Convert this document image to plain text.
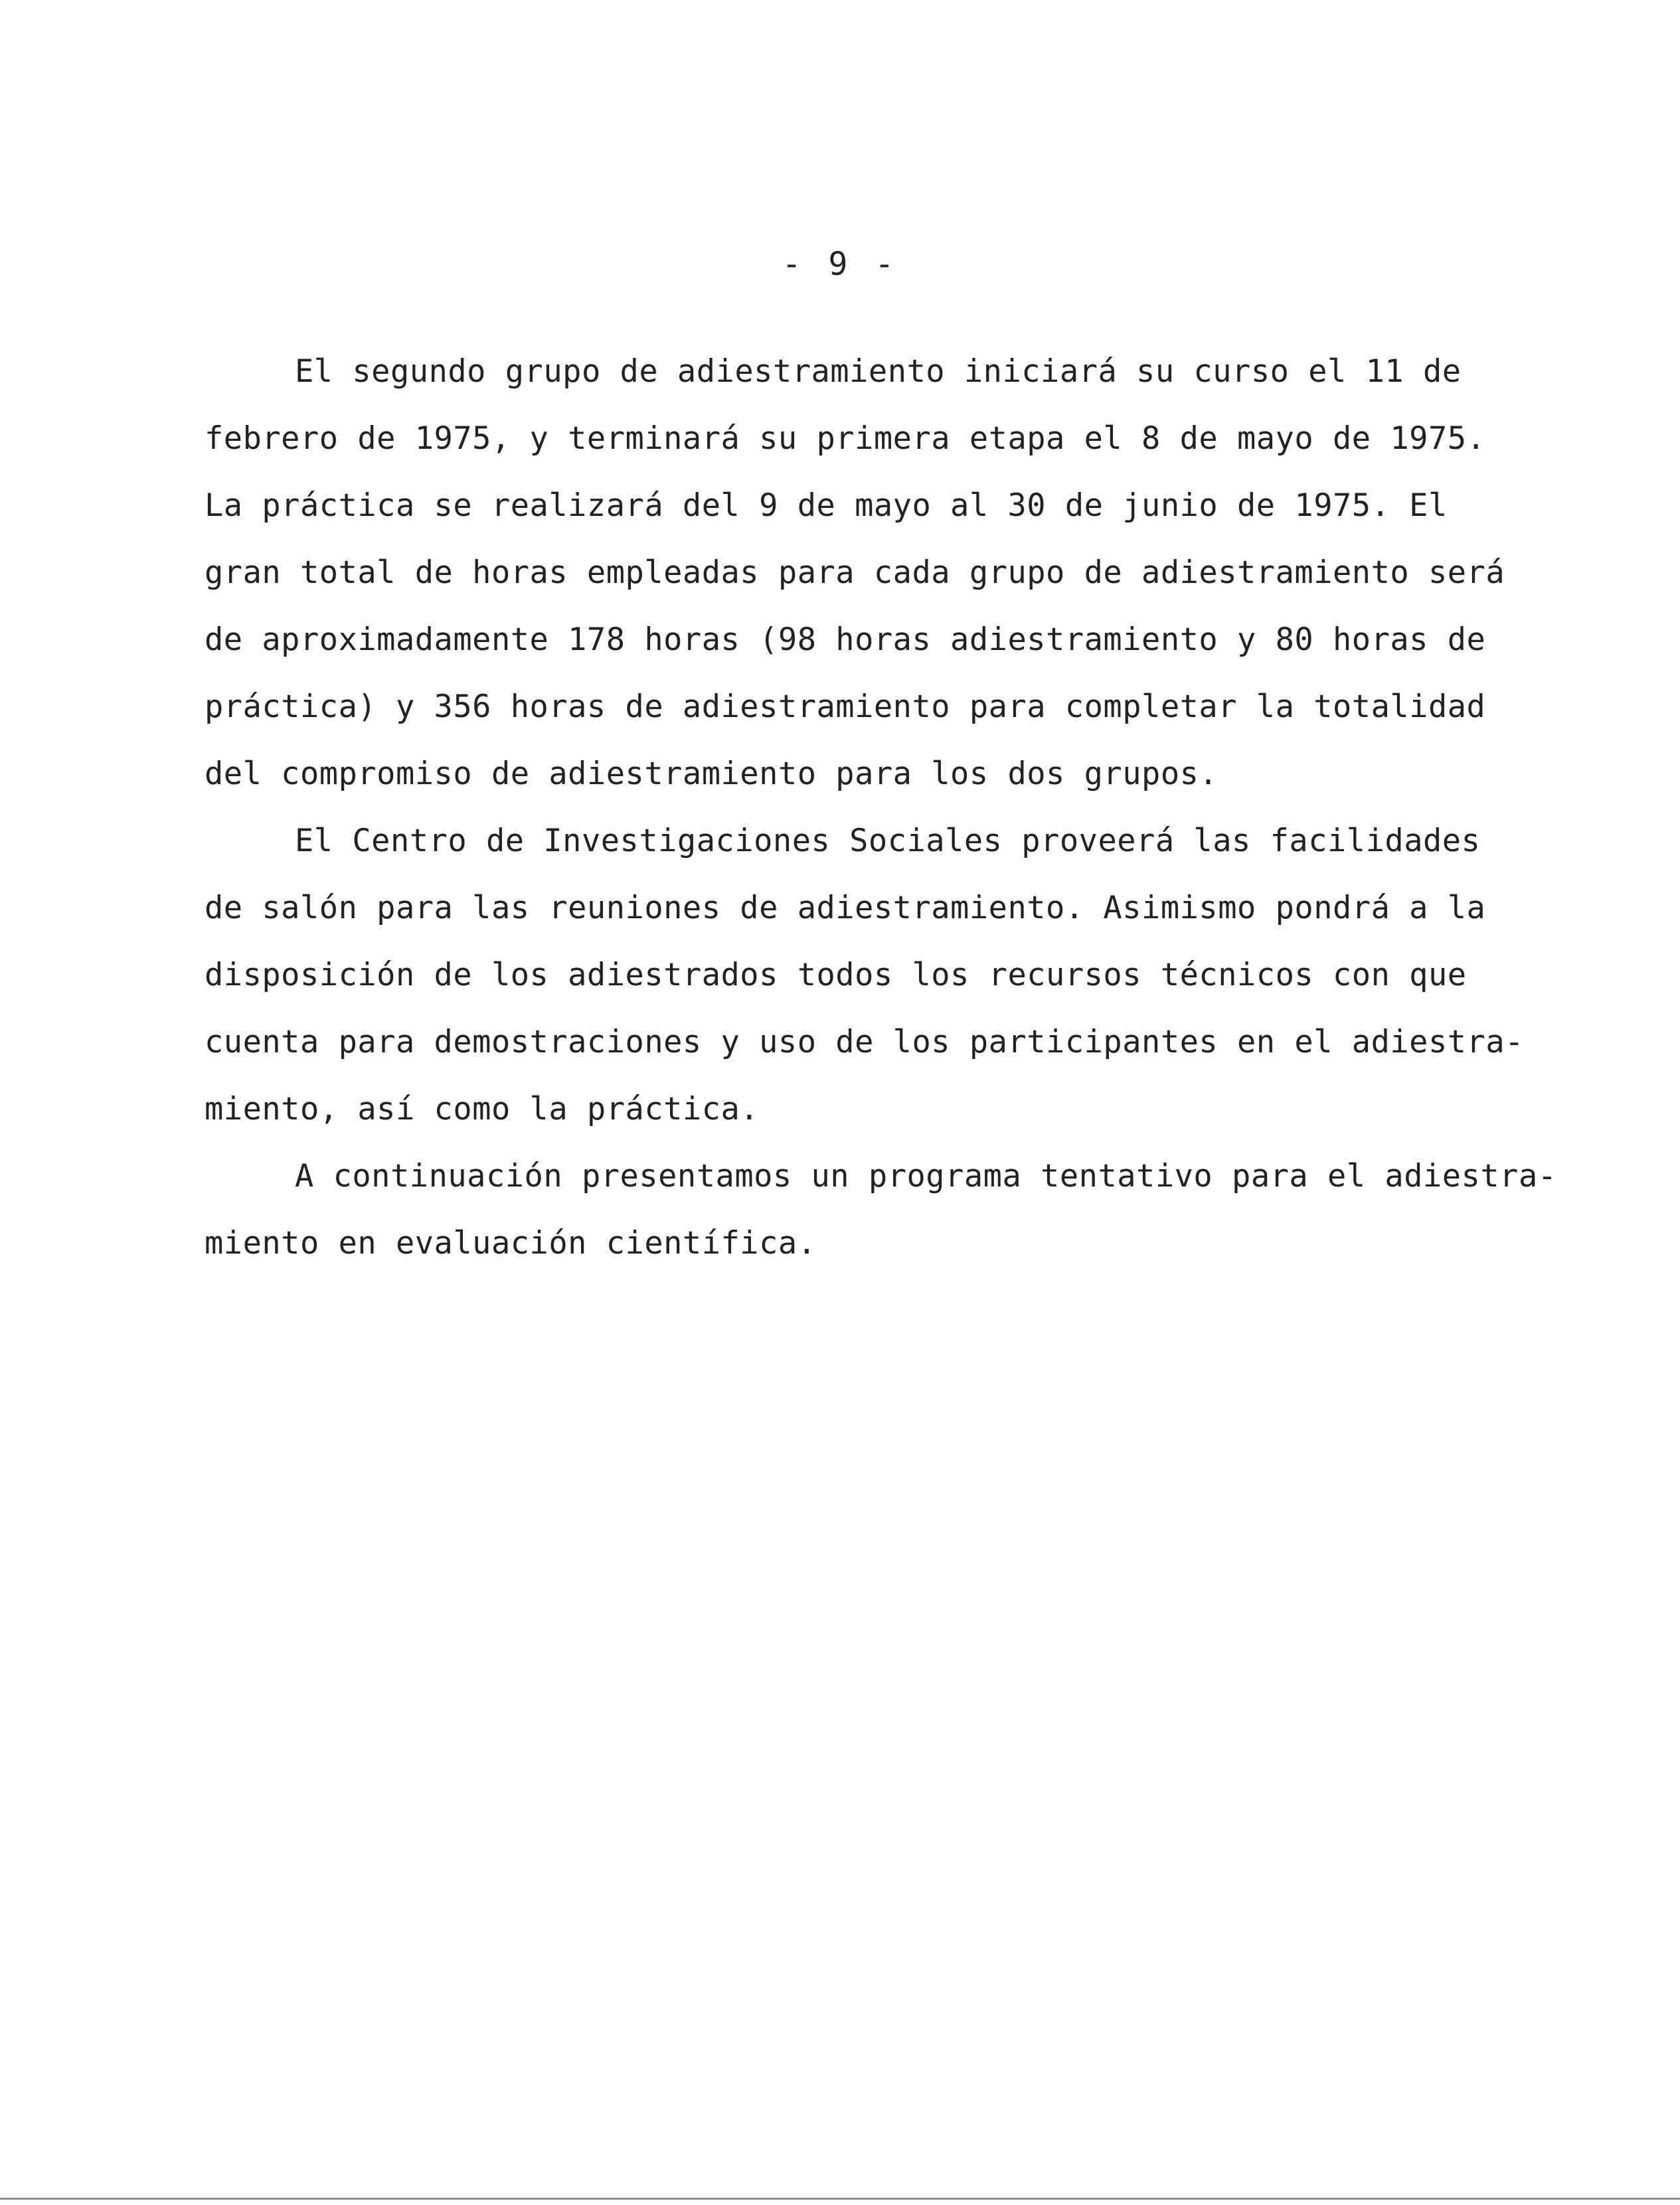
- 9 -
El segundo grupo de adiestramiento iniciará su curso el 11 de
febrero de 1975, y terminará su primera etapa el 8 de mayo de 1975.
La práctica se realizará del 9 de mayo al 30 de junio de 1975. El
gran total de horas empleadas para cada grupo de adiestramiento será
de aproximadamente 178 horas (98 horas adiestramiento y 80 horas de
práctica) y 356 horas de adiestramiento para completar la totalidad
del compromiso de adiestramiento para los dos grupos.
El Centro de Investigaciones Sociales proveerá las facilidades
de salón para las reuniones de adiestramiento. Asimismo pondrá a la
disposición de los adiestrados todos los recursos técnicos con que
cuenta para demostraciones y uso de los participantes en el adiestra-
miento, así como la práctica.
A continuación presentamos un programa tentativo para el adiestra-
miento en evaluación científica.
